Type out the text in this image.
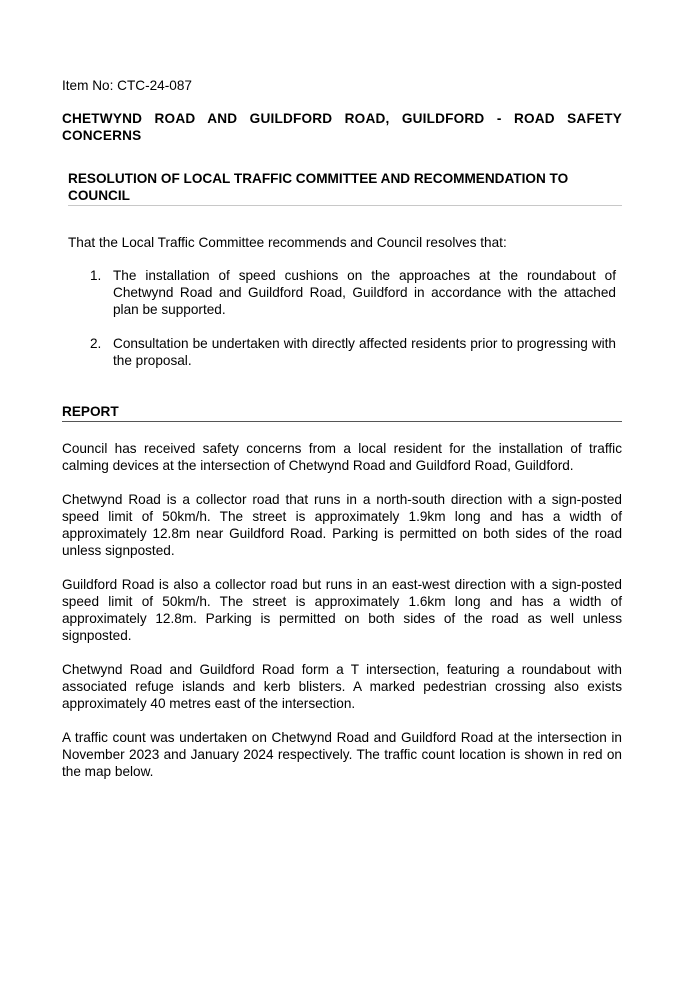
Item No: CTC-24-087

CHETWYND ROAD AND GUILDFORD ROAD, GUILDFORD - ROAD SAFETY CONCERNS

RESOLUTION OF LOCAL TRAFFIC COMMITTEE AND RECOMMENDATION TO COUNCIL

That the Local Traffic Committee recommends and Council resolves that:

1. The installation of speed cushions on the approaches at the roundabout of Chetwynd Road and Guildford Road, Guildford in accordance with the attached plan be supported.
2. Consultation be undertaken with directly affected residents prior to progressing with the proposal.

REPORT

Council has received safety concerns from a local resident for the installation of traffic calming devices at the intersection of Chetwynd Road and Guildford Road, Guildford.

Chetwynd Road is a collector road that runs in a north-south direction with a sign-posted speed limit of 50km/h. The street is approximately 1.9km long and has a width of approximately 12.8m near Guildford Road. Parking is permitted on both sides of the road unless signposted.

Guildford Road is also a collector road but runs in an east-west direction with a sign-posted speed limit of 50km/h. The street is approximately 1.6km long and has a width of approximately 12.8m. Parking is permitted on both sides of the road as well unless signposted.

Chetwynd Road and Guildford Road form a T intersection, featuring a roundabout with associated refuge islands and kerb blisters. A marked pedestrian crossing also exists approximately 40 metres east of the intersection.

A traffic count was undertaken on Chetwynd Road and Guildford Road at the intersection in November 2023 and January 2024 respectively. The traffic count location is shown in red on the map below.
